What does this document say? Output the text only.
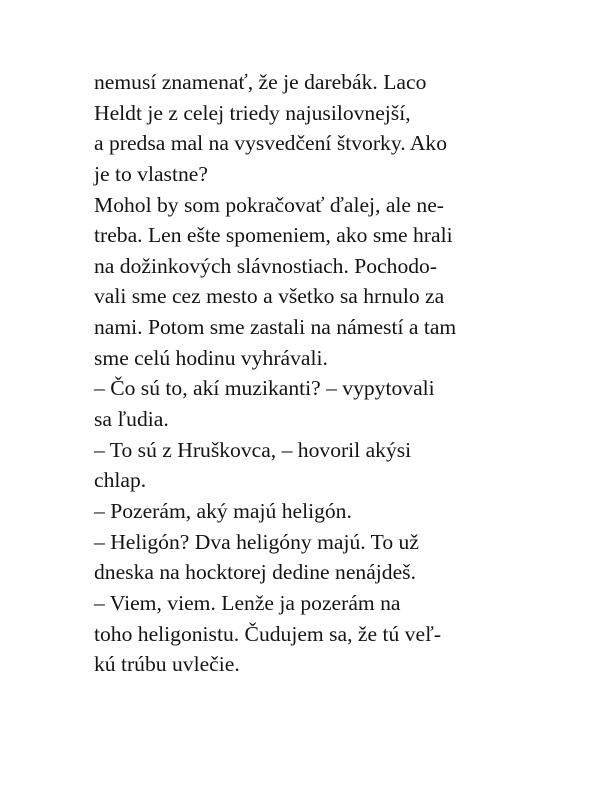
nemusí znamenať, že je darebák. Laco
Heldt je z celej triedy najusilovnejší,
a predsa mal na vysvedčení štvorky. Ako
je to vlastne?
Mohol by som pokračovať ďalej, ale ne-
treba. Len ešte spomeniem, ako sme hrali
na dožinkových slávnostiach. Pochodo-
vali sme cez mesto a všetko sa hrnulo za
nami. Potom sme zastali na námestí a tam
sme celú hodinu vyhrávali.
– Čo sú to, akí muzikanti? – vypytovali
sa ľudia.
– To sú z Hruškovca, – hovoril akýsi
chlap.
– Pozerám, aký majú heligón.
– Heligón? Dva heligóny majú. To už
dneska na hocktorej dedine nenájdeš.
– Viem, viem. Lenže ja pozerám na
toho heligonistu. Čudujem sa, že tú veľ-
kú trúbu uvlečie.
